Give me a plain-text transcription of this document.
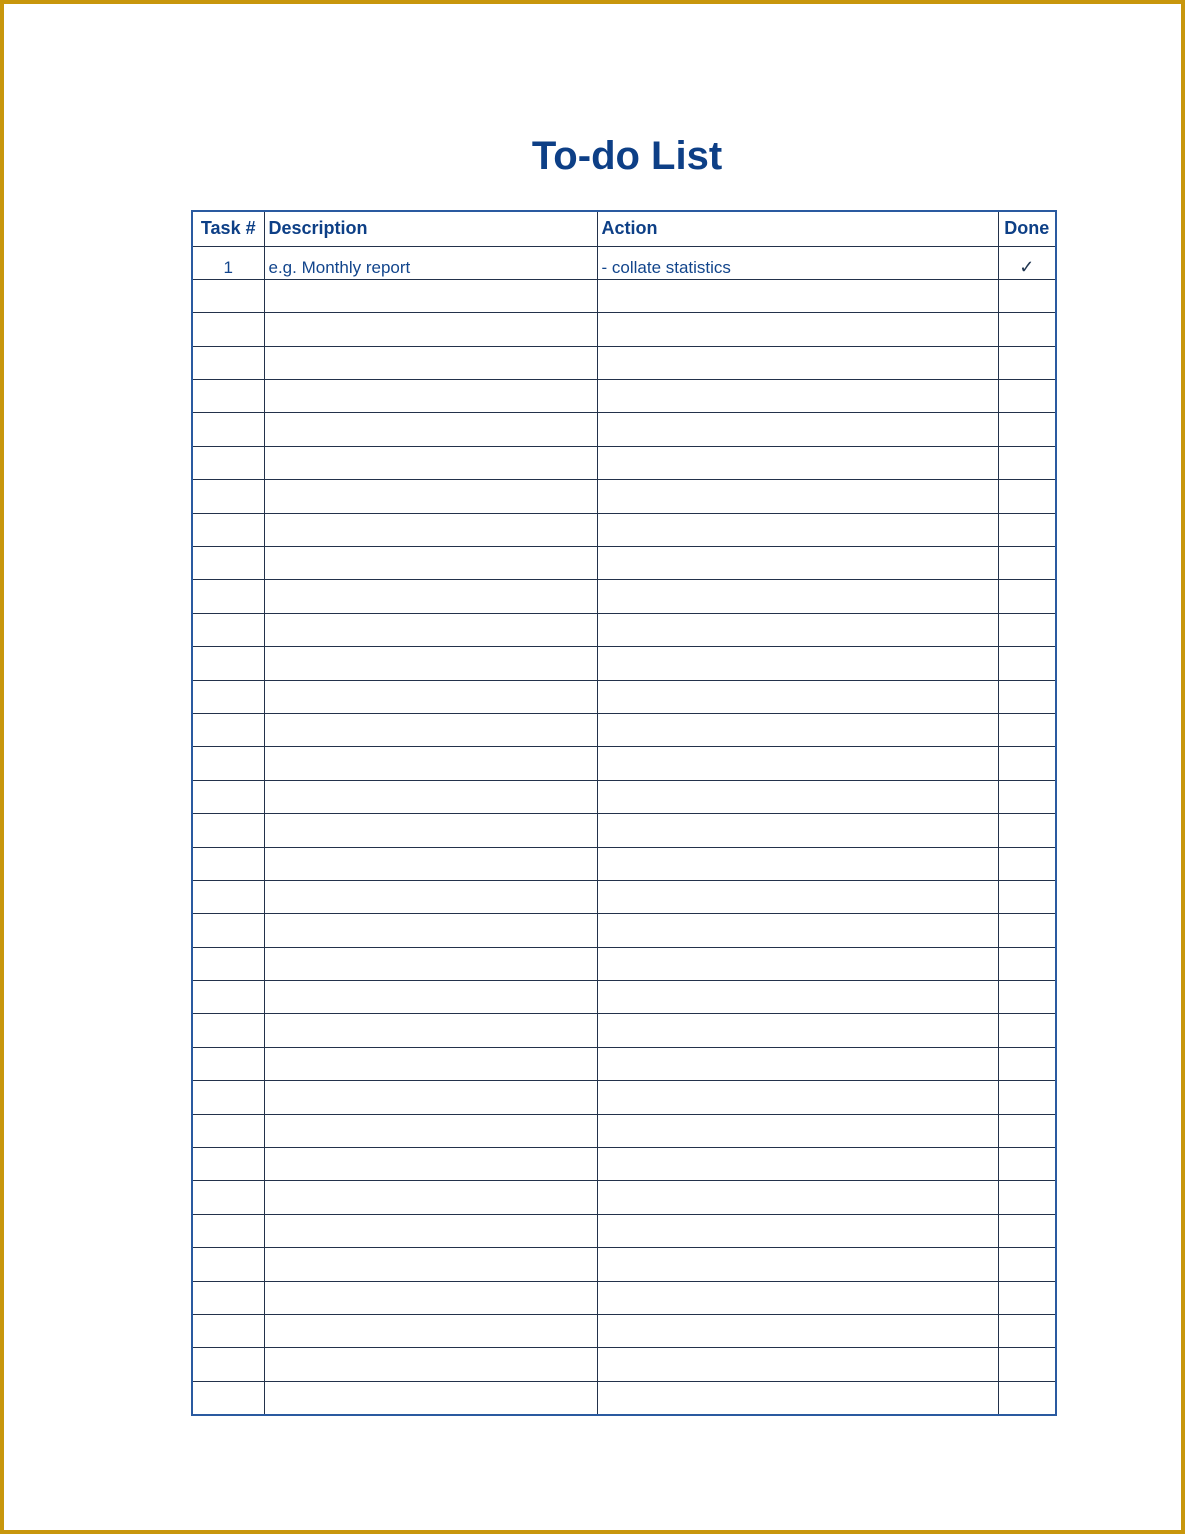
To-do List
Task #	Description	Action	Done
1	e.g. Monthly report	- collate statistics	✓
